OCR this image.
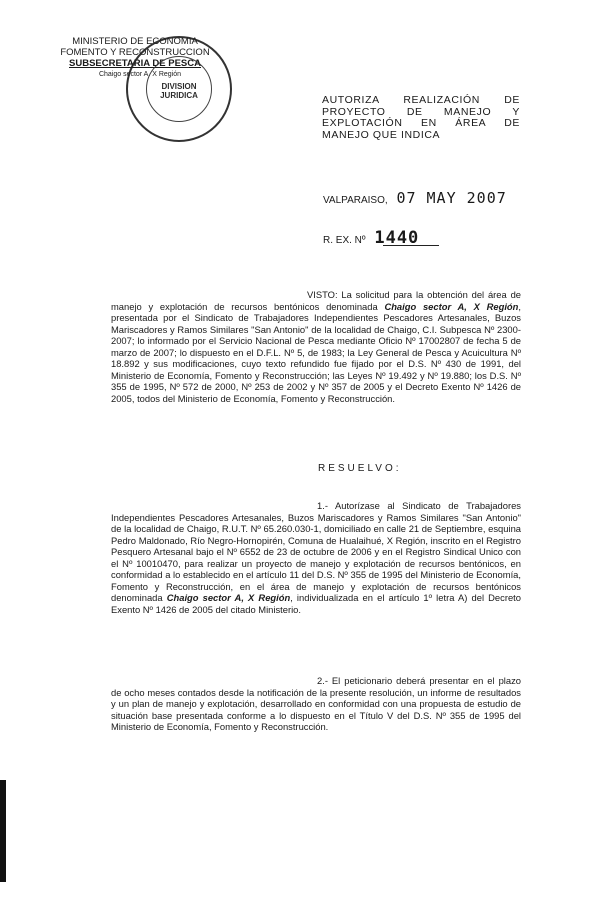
MINISTERIO DE ECONOMIA
FOMENTO Y RECONSTRUCCION
SUBSECRETARIA DE PESCA
Chaigo sector A. X Región
DIVISION
JURIDICA	AUTORIZA REALIZACIÓN DE PROYECTO DE MANEJO Y EXPLOTACIÓN EN ÁREA DE MANEJO QUE INDICA
VALPARAISO, 07 MAY 2007
R. EX. Nº 1440
VISTO: La solicitud para la obtención del área de manejo y explotación de recursos bentónicos denominada Chaigo sector A, X Región, presentada por el Sindicato de Trabajadores Independientes Pescadores Artesanales, Buzos Mariscadores y Ramos Similares "San Antonio" de la localidad de Chaigo, C.I. Subpesca Nº 2300-2007; lo informado por el Servicio Nacional de Pesca mediante Oficio Nº 17002807 de fecha 5 de marzo de 2007; lo dispuesto en el D.F.L. Nº 5, de 1983; la Ley General de Pesca y Acuicultura Nº 18.892 y sus modificaciones, cuyo texto refundido fue fijado por el D.S. Nº 430 de 1991, del Ministerio de Economía, Fomento y Reconstrucción; las Leyes Nº 19.492 y Nº 19.880; los D.S. Nº 355 de 1995, Nº 572 de 2000, Nº 253 de 2002 y Nº 357 de 2005 y el Decreto Exento Nº 1426 de 2005, todos del Ministerio de Economía, Fomento y Reconstrucción.
RESUELVO:
1.- Autorízase al Sindicato de Trabajadores Independientes Pescadores Artesanales, Buzos Mariscadores y Ramos Similares "San Antonio" de la localidad de Chaigo, R.U.T. Nº 65.260.030-1, domiciliado en calle 21 de Septiembre, esquina Pedro Maldonado, Río Negro-Hornopirén, Comuna de Hualaihué, X Región, inscrito en el Registro Pesquero Artesanal bajo el Nº 6552 de 23 de octubre de 2006 y en el Registro Sindical Unico con el Nº 10010470, para realizar un proyecto de manejo y explotación de recursos bentónicos, en conformidad a lo establecido en el artículo 11 del D.S. Nº 355 de 1995 del Ministerio de Economía, Fomento y Reconstrucción, en el área de manejo y explotación de recursos bentónicos denominada Chaigo sector A, X Región, individualizada en el artículo 1º letra A) del Decreto Exento Nº 1426 de 2005 del citado Ministerio.
2.- El peticionario deberá presentar en el plazo de ocho meses contados desde la notificación de la presente resolución, un informe de resultados y un plan de manejo y explotación, desarrollado en conformidad con una propuesta de estudio de situación base presentada conforme a lo dispuesto en el Título V del D.S. Nº 355 de 1995 del Ministerio de Economía, Fomento y Reconstrucción.
